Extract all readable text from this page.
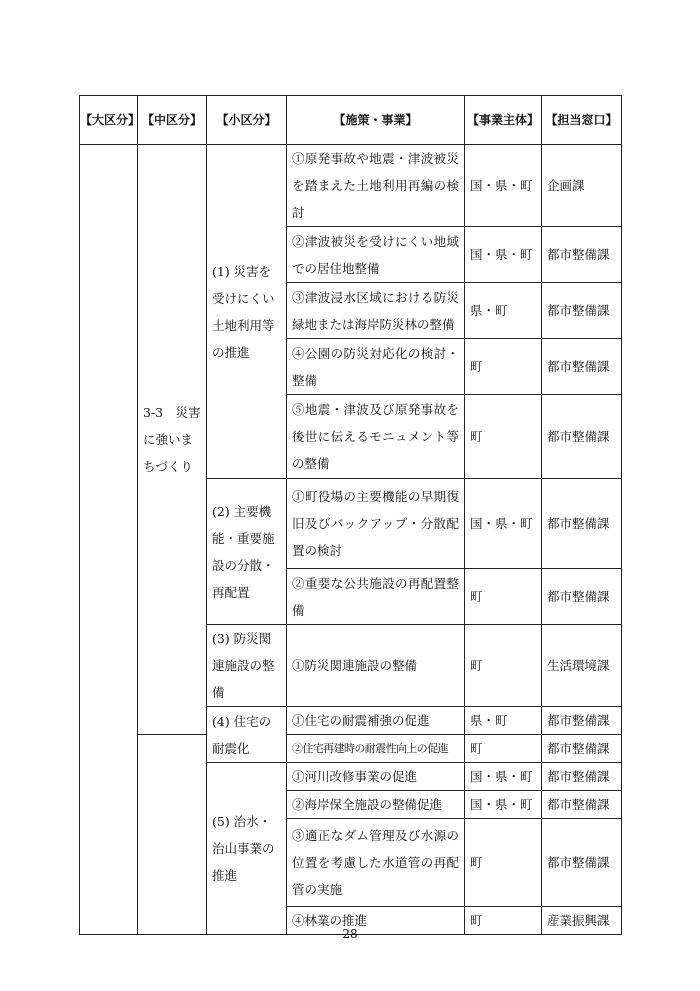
【大区分】	【中区分】	【小区分】	【施策・事業】	【事業主体】	【担当窓口】
	3-3　災害に強いまちづくり	(1) 災害を受けにくい土地利用等の推進	①原発事故や地震・津波被災を踏まえた土地利用再編の検討	国・県・町	企画課
			②津波被災を受けにくい地域での居住地整備	国・県・町	都市整備課
			③津波浸水区域における防災緑地または海岸防災林の整備	県・町	都市整備課
			④公園の防災対応化の検討・整備	町	都市整備課
			⑤地震・津波及び原発事故を後世に伝えるモニュメント等の整備	町	都市整備課
		(2) 主要機能・重要施設の分散・再配置	①町役場の主要機能の早期復旧及びバックアップ・分散配置の検討	国・県・町	都市整備課
			②重要な公共施設の再配置整備	町	都市整備課
		(3) 防災関連施設の整備	①防災関連施設の整備	町	生活環境課
		(4) 住宅の耐震化	①住宅の耐震補強の促進	県・町	都市整備課
			②住宅再建時の耐震性向上の促進	町	都市整備課
		(5) 治水・治山事業の推進	①河川改修事業の促進	国・県・町	都市整備課
			②海岸保全施設の整備促進	国・県・町	都市整備課
			③適正なダム管理及び水源の位置を考慮した水道管の再配管の実施	町	都市整備課
			④林業の推進	町	産業振興課
28
